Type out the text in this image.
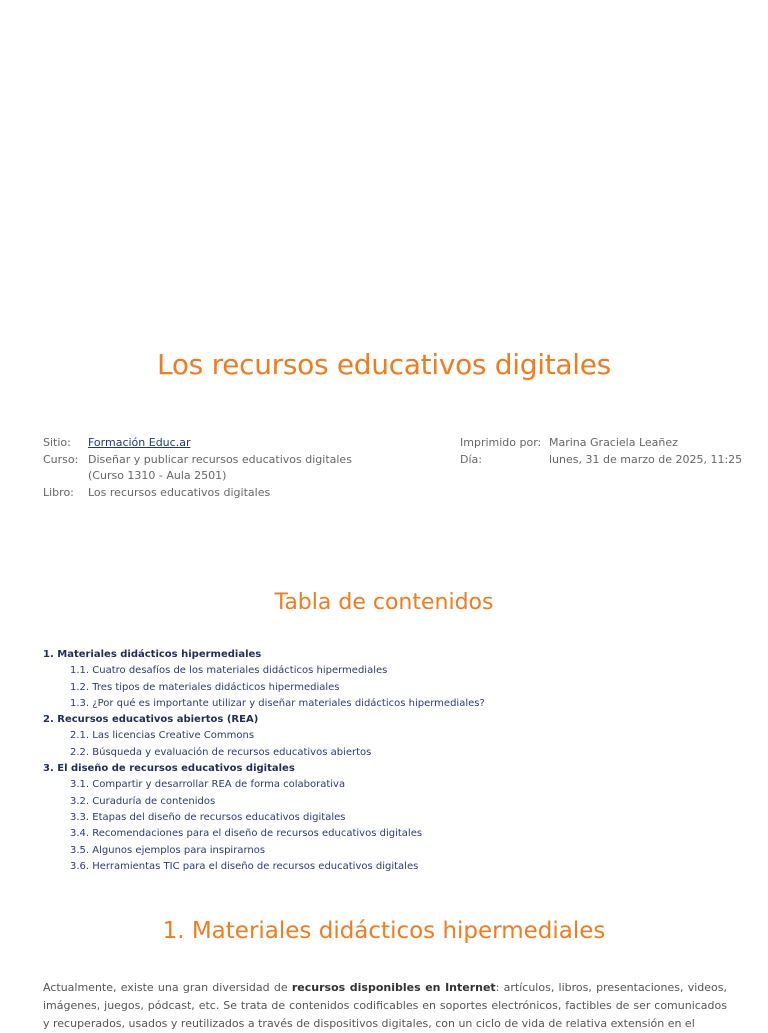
Los recursos educativos digitales
Sitio:	Formación Educ.ar
Curso: Diseñar y publicar recursos educativos digitales (Curso 1310 - Aula 2501)
Libro:	Los recursos educativos digitales
Imprimido por: Marina Graciela Leañez
Día:	lunes, 31 de marzo de 2025, 11:25
Tabla de contenidos
1. Materiales didácticos hipermediales
1.1. Cuatro desafíos de los materiales didácticos hipermediales
1.2. Tres tipos de materiales didácticos hipermediales
1.3. ¿Por qué es importante utilizar y diseñar materiales didácticos hipermediales?
2. Recursos educativos abiertos (REA)
2.1. Las licencias Creative Commons
2.2. Búsqueda y evaluación de recursos educativos abiertos
3. El diseño de recursos educativos digitales
3.1. Compartir y desarrollar REA de forma colaborativa
3.2. Curaduría de contenidos
3.3. Etapas del diseño de recursos educativos digitales
3.4. Recomendaciones para el diseño de recursos educativos digitales
3.5. Algunos ejemplos para inspirarnos
3.6. Herramientas TIC para el diseño de recursos educativos digitales
1. Materiales didácticos hipermediales

Actualmente, existe una gran diversidad de recursos disponibles en Internet: artículos, libros, presentaciones, videos, imágenes, juegos, pódcast, etc. Se trata de contenidos codificables en soportes electrónicos, factibles de ser comunicados y recuperados, usados y reutilizados a través de dispositivos digitales, con un ciclo de vida de relativa extensión en el
